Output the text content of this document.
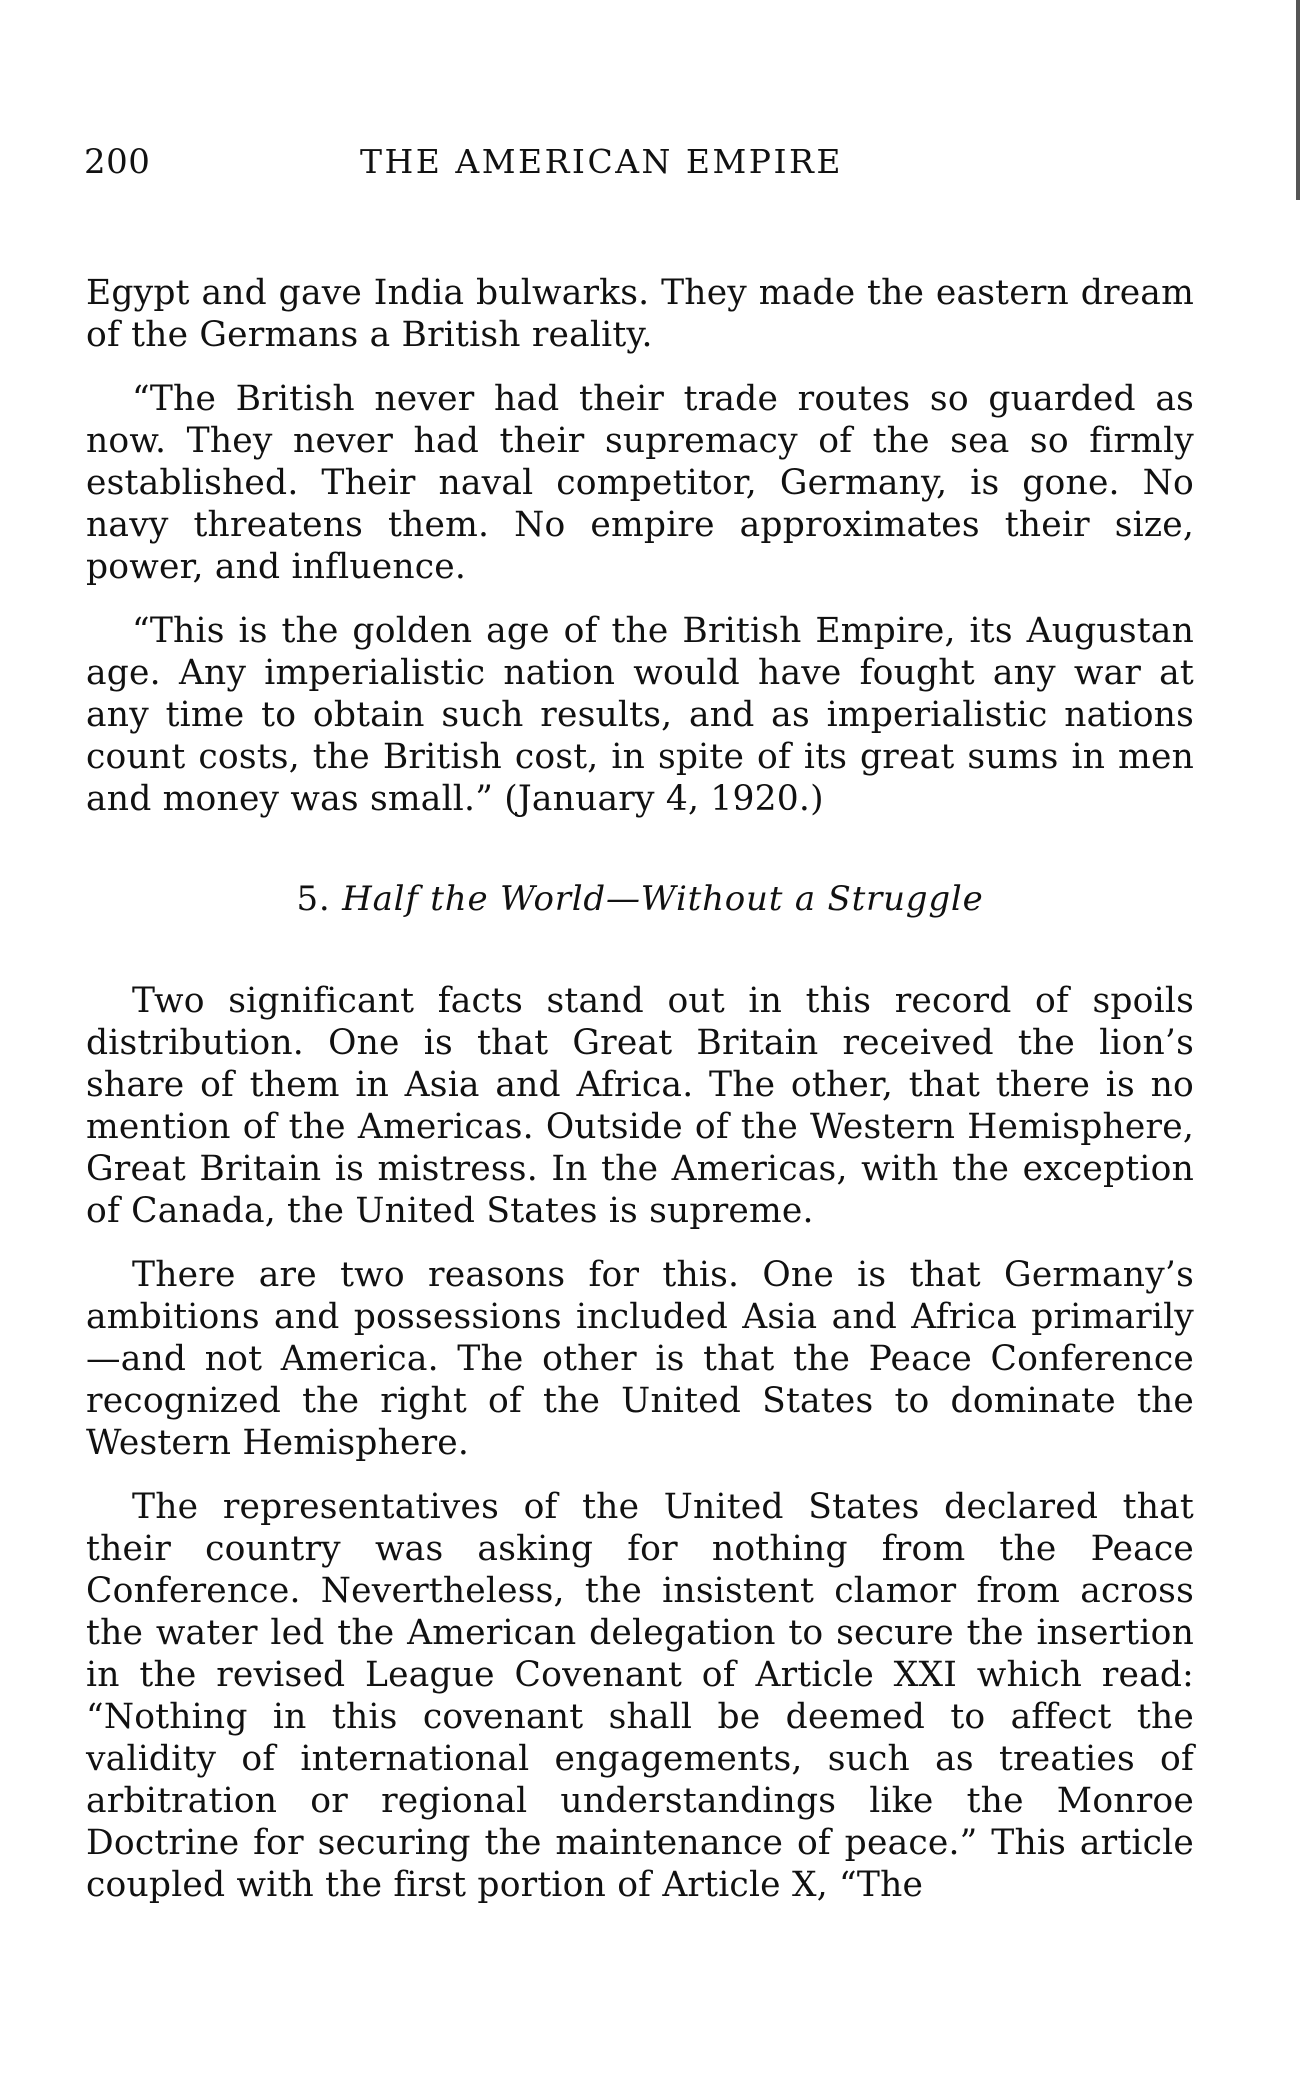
200	THE AMERICAN EMPIRE

Egypt and gave India bulwarks. They made the eastern dream of the Germans a British reality.

“The British never had their trade routes so guarded as now. They never had their supremacy of the sea so firmly established. Their naval competitor, Germany, is gone. No navy threatens them. No empire approximates their size, power, and influence.

“This is the golden age of the British Empire, its Augustan age. Any imperialistic nation would have fought any war at any time to obtain such results, and as imperialistic nations count costs, the British cost, in spite of its great sums in men and money was small.” (January 4, 1920.)

5. Half the World—Without a Struggle

Two significant facts stand out in this record of spoils distribution. One is that Great Britain received the lion’s share of them in Asia and Africa. The other, that there is no mention of the Americas. Outside of the Western Hemisphere, Great Britain is mistress. In the Americas, with the exception of Canada, the United States is supreme.

There are two reasons for this. One is that Germany’s ambitions and possessions included Asia and Africa primarily—and not America. The other is that the Peace Conference recognized the right of the United States to dominate the Western Hemisphere.

The representatives of the United States declared that their country was asking for nothing from the Peace Conference. Nevertheless, the insistent clamor from across the water led the American delegation to secure the insertion in the revised League Covenant of Article XXI which read: “Nothing in this covenant shall be deemed to affect the validity of international engagements, such as treaties of arbitration or regional understandings like the Monroe Doctrine for securing the maintenance of peace.” This article coupled with the first portion of Article X, “The
